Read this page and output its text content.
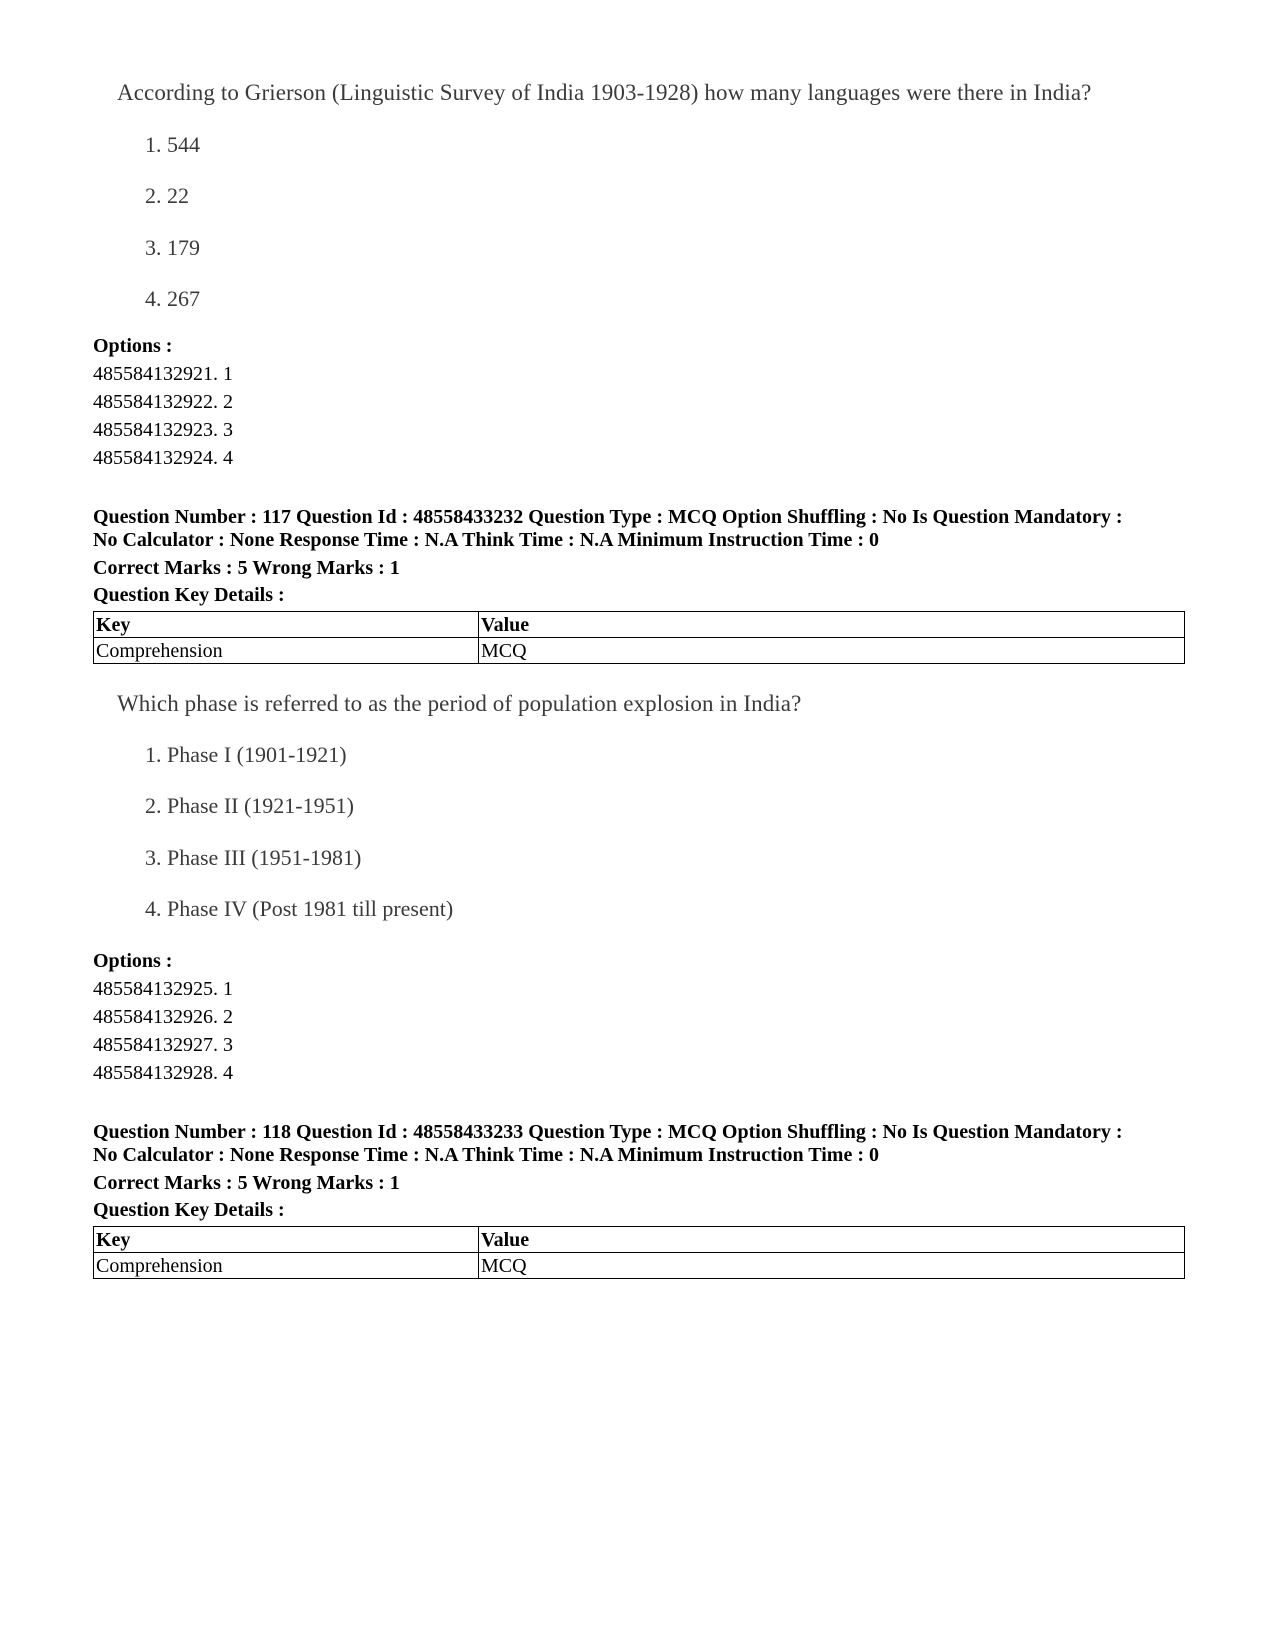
According to Grierson (Linguistic Survey of India 1903-1928) how many languages were there in India?
1. 544
2. 22
3. 179
4. 267
Options :
485584132921. 1
485584132922. 2
485584132923. 3
485584132924. 4
Question Number : 117 Question Id : 48558433232 Question Type : MCQ Option Shuffling : No Is Question Mandatory :
No Calculator : None Response Time : N.A Think Time : N.A Minimum Instruction Time : 0
Correct Marks : 5 Wrong Marks : 1
Question Key Details :
Key	Value
Comprehension	MCQ
Which phase is referred to as the period of population explosion in India?
1. Phase I (1901-1921)
2. Phase II (1921-1951)
3. Phase III (1951-1981)
4. Phase IV (Post 1981 till present)
Options :
485584132925. 1
485584132926. 2
485584132927. 3
485584132928. 4
Question Number : 118 Question Id : 48558433233 Question Type : MCQ Option Shuffling : No Is Question Mandatory :
No Calculator : None Response Time : N.A Think Time : N.A Minimum Instruction Time : 0
Correct Marks : 5 Wrong Marks : 1
Question Key Details :
Key	Value
Comprehension	MCQ
